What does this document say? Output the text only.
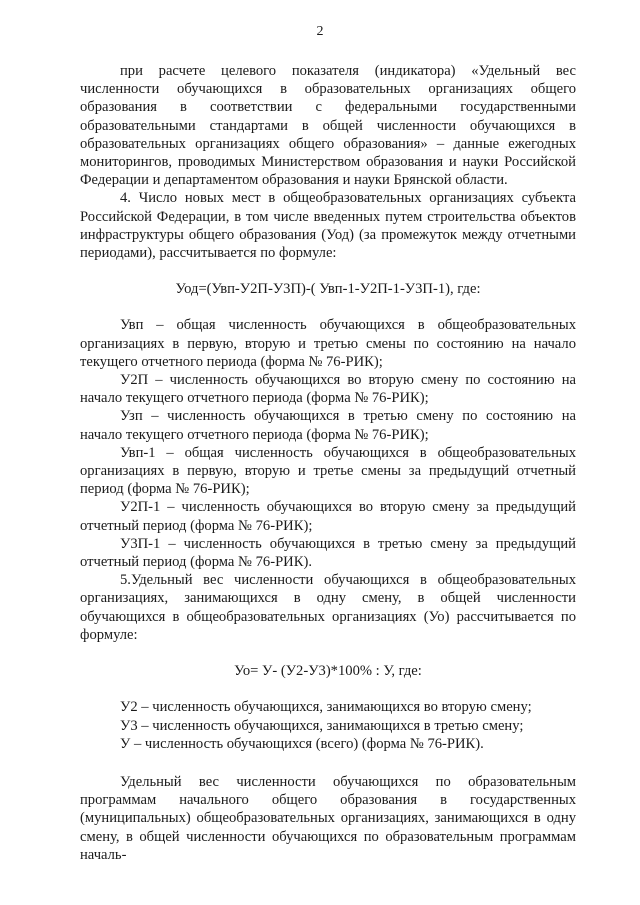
2

при расчете целевого показателя (индикатора) «Удельный вес численности обучающихся в образовательных организациях общего образования в соответствии с федеральными государственными образовательными стандартами в общей численности обучающихся в образовательных организациях общего образования» – данные ежегодных мониторингов, проводимых Министерством образования и науки Российской Федерации и департаментом образования и науки Брянской области.

4. Число новых мест в общеобразовательных организациях субъекта Российской Федерации, в том числе введенных путем строительства объектов инфраструктуры общего образования (Уод) (за промежуток между отчетными периодами), рассчитывается по формуле:

Уод=(Увп-У2П-У3П)-( Увп-1-У2П-1-У3П-1), где:

Увп – общая численность обучающихся в общеобразовательных организациях в первую, вторую и третью смены по состоянию на начало текущего отчетного периода (форма № 76-РИК);

У2П – численность обучающихся во вторую смену по состоянию на начало текущего отчетного периода (форма № 76-РИК);

Узп – численность обучающихся в третью смену по состоянию на начало текущего отчетного периода (форма № 76-РИК);

Увп-1 – общая численность обучающихся в общеобразовательных организациях в первую, вторую и третье смены за предыдущий отчетный период (форма № 76-РИК);

У2П-1 – численность обучающихся во вторую смену за предыдущий отчетный период (форма № 76-РИК);

У3П-1 – численность обучающихся в третью смену за предыдущий отчетный период (форма № 76-РИК).

5.Удельный вес численности обучающихся в общеобразовательных организациях, занимающихся в одну смену, в общей численности обучающихся в общеобразовательных организациях (Уо) рассчитывается по формуле:

Уо= У- (У2-У3)*100% : У, где:

У2 – численность обучающихся, занимающихся во вторую смену;

У3 – численность обучающихся, занимающихся в третью смену;

У – численность обучающихся (всего) (форма № 76-РИК).

Удельный вес численности обучающихся по образовательным программам начального общего образования в государственных (муниципальных) общеобразовательных организациях, занимающихся в одну смену, в общей численности обучающихся по образовательным программам началь-
